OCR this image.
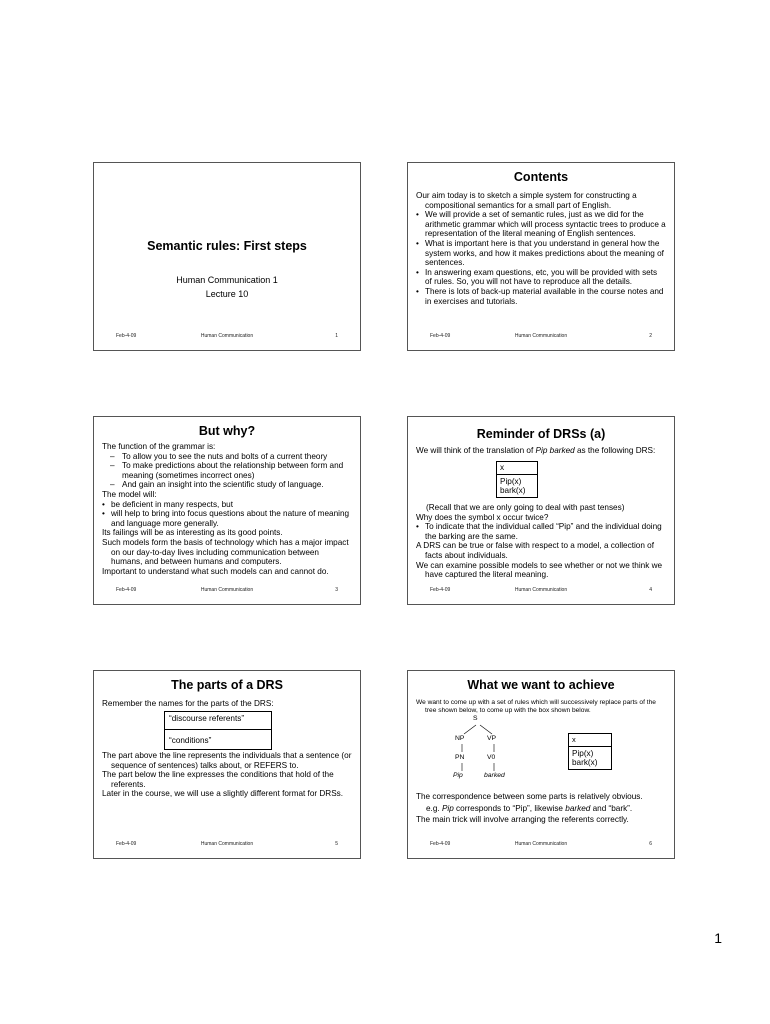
Semantic rules: First steps
Human Communication 1
Lecture 10
Feb-4-09	Human Communication	1
Contents

Our aim today is to sketch a simple system for constructing a compositional semantics for a small part of English.

• We will provide a set of semantic rules, just as we did for the arithmetic grammar which will process syntactic trees to produce a representation of the literal meaning of English sentences.

• What is important here is that you understand in general how the system works, and how it makes predictions about the meaning of sentences.

• In answering exam questions, etc, you will be provided with sets of rules. So, you will not have to reproduce all the details.

• There is lots of back-up material available in the course notes and in exercises and tutorials.

Feb-4-09	Human Communication	2
But why?

The function of the grammar is:

– To allow you to see the nuts and bolts of a current theory

– To make predictions about the relationship between form and meaning (sometimes incorrect ones)

– And gain an insight into the scientific study of language.

The model will:

• be deficient in many respects, but

• will help to bring into focus questions about the nature of meaning and language more generally.

Its failings will be as interesting as its good points.

Such models form the basis of technology which has a major impact on our day-to-day lives including communication between humans, and between humans and computers.

Important to understand what such models can and cannot do.

Feb-4-09	Human Communication	3
Reminder of DRSs (a)

We will think of the translation of Pip barked as the following DRS:

x
Pip(x)
bark(x)

(Recall that we are only going to deal with past tenses)

Why does the symbol x occur twice?

• To indicate that the individual called “Pip” and the individual doing the barking are the same.

A DRS can be true or false with respect to a model, a collection of facts about individuals.

We can examine possible models to see whether or not we think we have captured the literal meaning.

Feb-4-09	Human Communication	4
The parts of a DRS

Remember the names for the parts of the DRS:

“discourse referents”
“conditions”

The part above the line represents the individuals that a sentence (or sequence of sentences) talks about, or REFERS to.

The part below the line expresses the conditions that hold of the referents.

Later in the course, we will use a slightly different format for DRSs.

Feb-4-09	Human Communication	5
What we want to achieve

We want to come up with a set of rules which will successively replace parts of the tree shown below, to come up with the box shown below.

S
NP	VP
PN	V0
Pip	barked
x
Pip(x)
bark(x)

The correspondence between some parts is relatively obvious.

e.g. Pip corresponds to “Pip”, likewise barked and “bark”.

The main trick will involve arranging the referents correctly.

Feb-4-09	Human Communication	6
1
